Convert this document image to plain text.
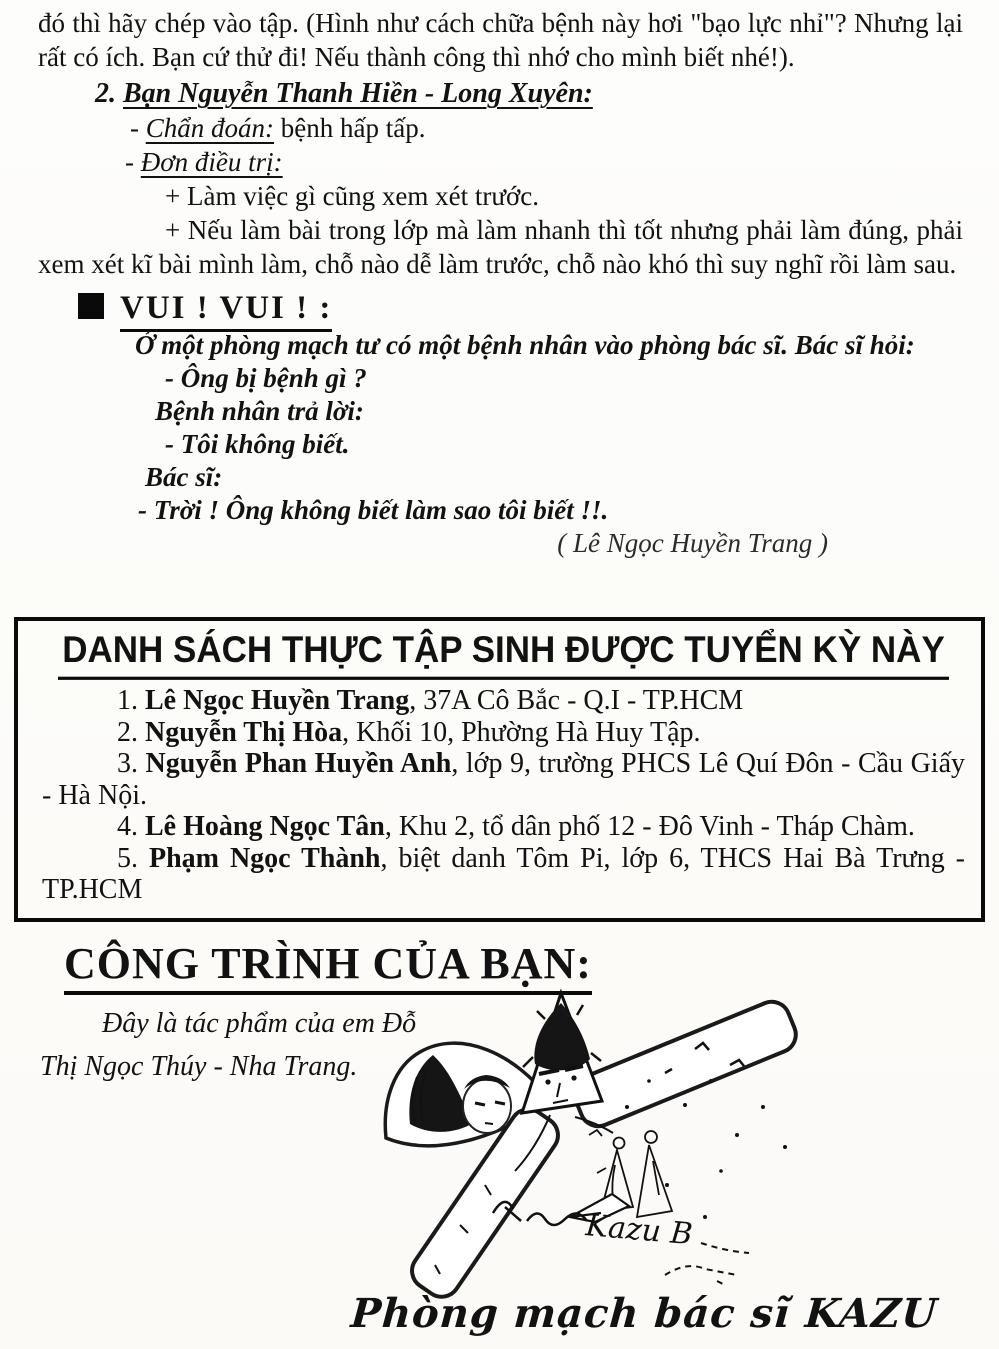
đó thì hãy chép vào tập. (Hình như cách chữa bệnh này hơi "bạo lực nhỉ"? Nhưng lại rất có ích. Bạn cứ thử đi! Nếu thành công thì nhớ cho mình biết nhé!).

2. Bạn Nguyễn Thanh Hiền - Long Xuyên:

- Chẩn đoán: bệnh hấp tấp.

- Đơn điều trị:

+ Làm việc gì cũng xem xét trước.

+ Nếu làm bài trong lớp mà làm nhanh thì tốt nhưng phải làm đúng, phải xem xét kĩ bài mình làm, chỗ nào dễ làm trước, chỗ nào khó thì suy nghĩ rồi làm sau.

VUI ! VUI ! :

Ở một phòng mạch tư có một bệnh nhân vào phòng bác sĩ. Bác sĩ hỏi:

- Ông bị bệnh gì ?

Bệnh nhân trả lời:

- Tôi không biết.

Bác sĩ:

- Trời ! Ông không biết làm sao tôi biết !!.

( Lê Ngọc Huyền Trang )

DANH SÁCH THỰC TẬP SINH ĐƯỢC TUYỂN KỲ NÀY

1. Lê Ngọc Huyền Trang, 37A Cô Bắc - Q.I - TP.HCM

2. Nguyễn Thị Hòa, Khối 10, Phường Hà Huy Tập.

3. Nguyễn Phan Huyền Anh, lớp 9, trường PHCS Lê Quí Đôn - Cầu Giấy - Hà Nội.

4. Lê Hoàng Ngọc Tân, Khu 2, tổ dân phố 12 - Đô Vinh - Tháp Chàm.

5. Phạm Ngọc Thành, biệt danh Tôm Pi, lớp 6, THCS Hai Bà Trưng - TP.HCM

CÔNG TRÌNH CỦA BẠN:
Đây là tác phẩm của em Đỗ  Thị Ngọc Thúy - Nha Trang.
Kazu B
Phòng mạch bác sĩ KAZU
